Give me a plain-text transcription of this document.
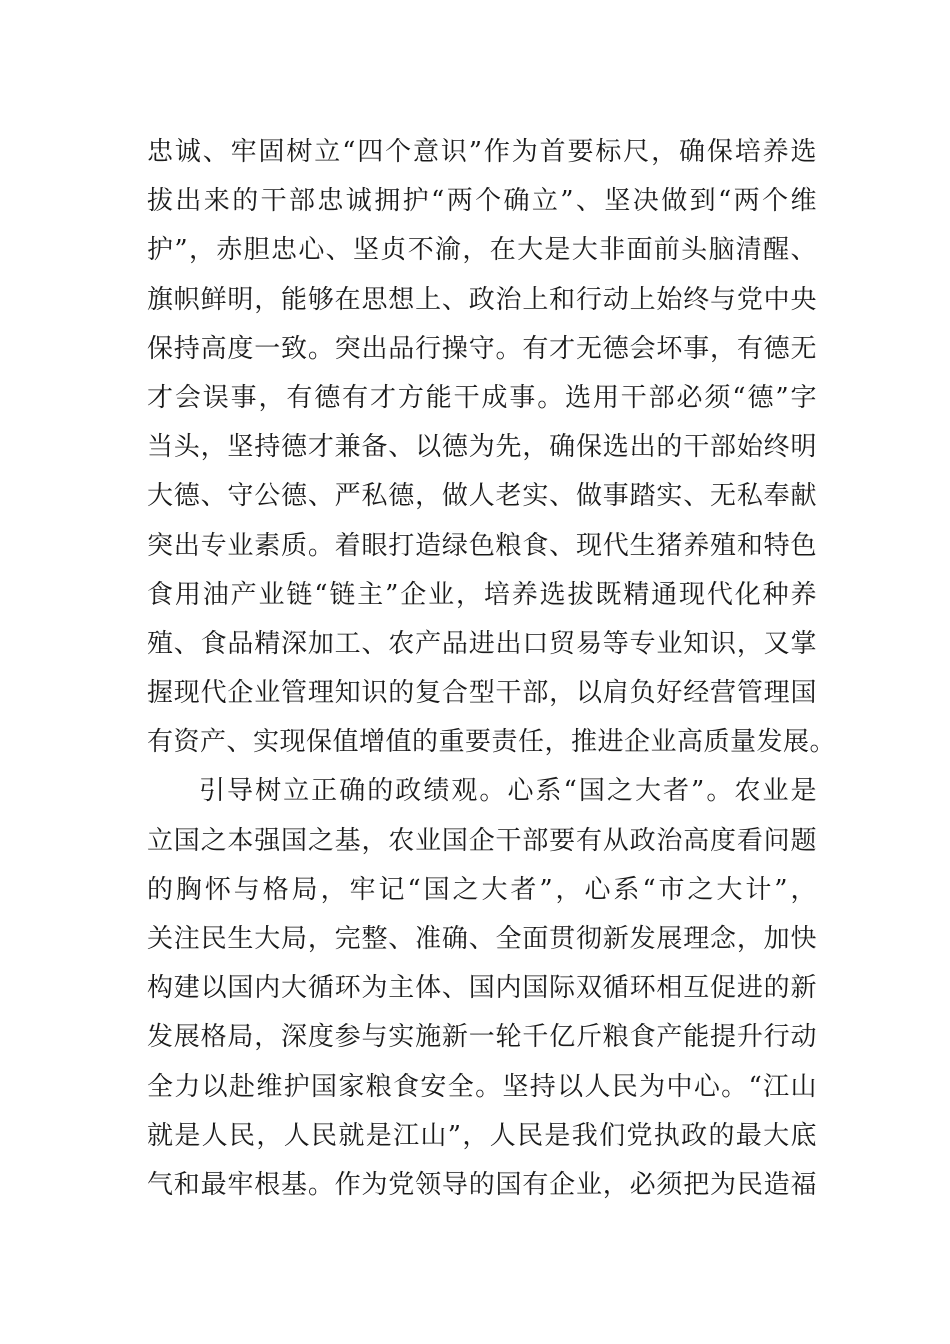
忠诚、牢固树立“四个意识”作为首要标尺，确保培养选
拔出来的干部忠诚拥护“两个确立”、坚决做到“两个维
护”，赤胆忠心、坚贞不渝，在大是大非面前头脑清醒、
旗帜鲜明，能够在思想上、政治上和行动上始终与党中央
保持高度一致。突出品行操守。有才无德会坏事，有德无
才会误事，有德有才方能干成事。选用干部必须“德”字
当头，坚持德才兼备、以德为先，确保选出的干部始终明
大德、守公德、严私德，做人老实、做事踏实、无私奉献
突出专业素质。着眼打造绿色粮食、现代生猪养殖和特色
食用油产业链“链主”企业，培养选拔既精通现代化种养
殖、食品精深加工、农产品进出口贸易等专业知识，又掌
握现代企业管理知识的复合型干部，以肩负好经营管理国
有资产、实现保值增值的重要责任，推进企业高质量发展。
引导树立正确的政绩观。心系“国之大者”。农业是
立国之本强国之基，农业国企干部要有从政治高度看问题
的胸怀与格局，牢记“国之大者”，心系“市之大计”，
关注民生大局，完整、准确、全面贯彻新发展理念，加快
构建以国内大循环为主体、国内国际双循环相互促进的新
发展格局，深度参与实施新一轮千亿斤粮食产能提升行动
全力以赴维护国家粮食安全。坚持以人民为中心。“江山
就是人民，人民就是江山”，人民是我们党执政的最大底
气和最牢根基。作为党领导的国有企业，必须把为民造福
